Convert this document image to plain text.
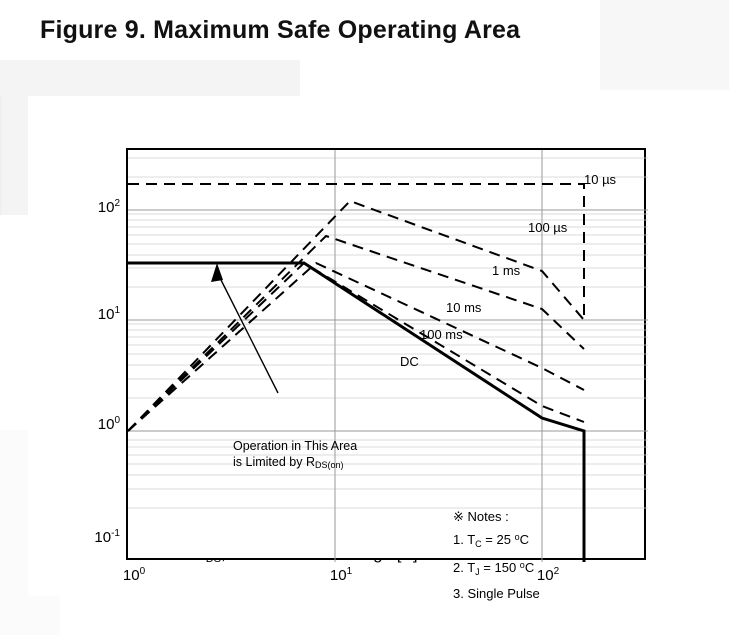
Figure 9. Maximum Safe Operating Area
$10^2$
$10^1$
$10^0$
$10^{-1}$
$10^0$	$10^1$	$10^2$
10 µs
100 µs
1 ms
10 ms
100 ms
DC
Operation in This Area
is Limited by RDS(on)
※ Notes :
1. $T_C = 25$ $^o$C
2. $T_J = 150$ $^o$C
3. Single Pulse
